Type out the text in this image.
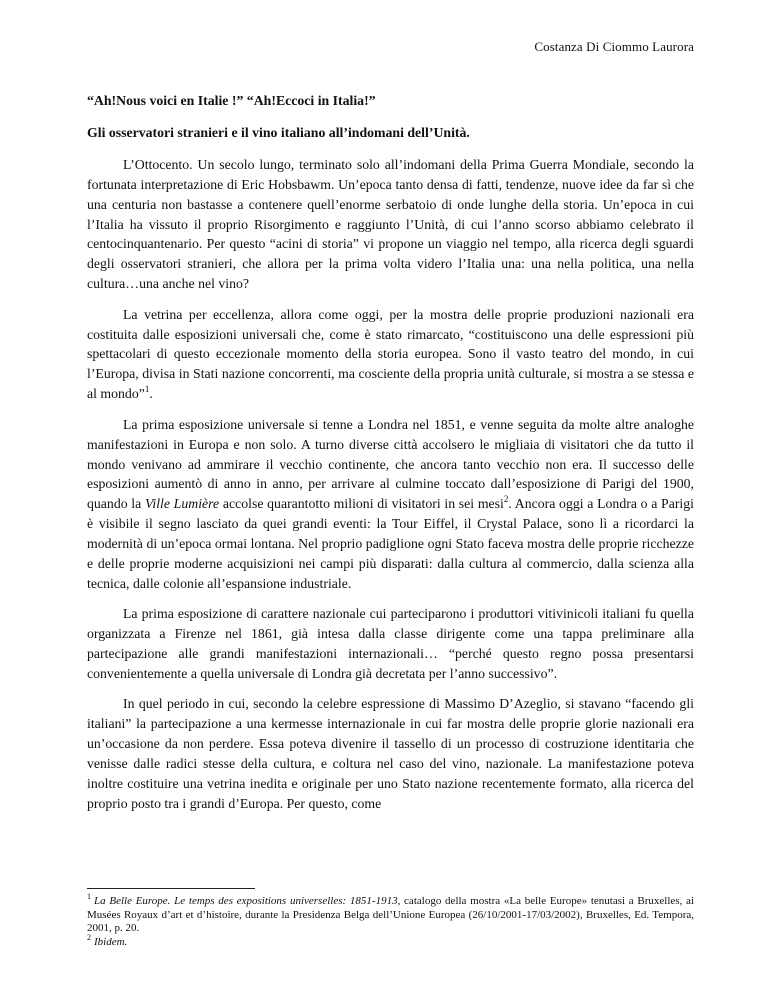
Costanza Di Ciommo Laurora

“Ah!Nous voici en Italie !” “Ah!Eccoci in Italia!”

Gli osservatori stranieri e il vino italiano all’indomani dell’Unità.

L’Ottocento. Un secolo lungo, terminato solo all’indomani della Prima Guerra Mondiale, secondo la fortunata interpretazione di Eric Hobsbawm. Un’epoca tanto densa di fatti, tendenze, nuove idee da far sì che una centuria non bastasse a contenere quell’enorme serbatoio di onde lunghe della storia. Un’epoca in cui l’Italia ha vissuto il proprio Risorgimento e raggiunto l’Unità, di cui l’anno scorso abbiamo celebrato il centocinquantenario. Per questo “acini di storia” vi propone un viaggio nel tempo, alla ricerca degli sguardi degli osservatori stranieri, che allora per la prima volta videro l’Italia una: una nella politica, una nella cultura…una anche nel vino?

La vetrina per eccellenza, allora come oggi, per la mostra delle proprie produzioni nazionali era costituita dalle esposizioni universali che, come è stato rimarcato, “costituiscono una delle espressioni più spettacolari di questo eccezionale momento della storia europea. Sono il vasto teatro del mondo, in cui l’Europa, divisa in Stati nazione concorrenti, ma cosciente della propria unità culturale, si mostra a se stessa e al mondo”$^1$.

La prima esposizione universale si tenne a Londra nel 1851, e venne seguita da molte altre analoghe manifestazioni in Europa e non solo. A turno diverse città accolsero le migliaia di visitatori che da tutto il mondo venivano ad ammirare il vecchio continente, che ancora tanto vecchio non era. Il successo delle esposizioni aumentò di anno in anno, per arrivare al culmine toccato dall’esposizione di Parigi del 1900, quando la Ville Lumière accolse quarantotto milioni di visitatori in sei mesi$^2$. Ancora oggi a Londra o a Parigi è visibile il segno lasciato da quei grandi eventi: la Tour Eiffel, il Crystal Palace, sono lì a ricordarci la modernità di un’epoca ormai lontana. Nel proprio padiglione ogni Stato faceva mostra delle proprie ricchezze e delle proprie moderne acquisizioni nei campi più disparati: dalla cultura al commercio, dalla scienza alla tecnica, dalle colonie all’espansione industriale.

La prima esposizione di carattere nazionale cui parteciparono i produttori vitivinicoli italiani fu quella organizzata a Firenze nel 1861, già intesa dalla classe dirigente come una tappa preliminare alla partecipazione alle grandi manifestazioni internazionali… “perché questo regno possa presentarsi convenientemente a quella universale di Londra già decretata per l’anno successivo”.

In quel periodo in cui, secondo la celebre espressione di Massimo D’Azeglio, si stavano “facendo gli italiani” la partecipazione a una kermesse internazionale in cui far mostra delle proprie glorie nazionali era un’occasione da non perdere. Essa poteva divenire il tassello di un processo di costruzione identitaria che venisse dalle radici stesse della cultura, e coltura nel caso del vino, nazionale. La manifestazione poteva inoltre costituire una vetrina inedita e originale per uno Stato nazione recentemente formato, alla ricerca del proprio posto tra i grandi d’Europa. Per questo, come

$^1$ La Belle Europe. Le temps des expositions universelles: 1851-1913, catalogo della mostra «La belle Europe» tenutasi a Bruxelles, ai Musées Royaux d’art et d’histoire, durante la Presidenza Belga dell’Unione Europea (26/10/2001-17/03/2002), Bruxelles, Ed. Tempora, 2001, p. 20.

$^2$ Ibidem.
